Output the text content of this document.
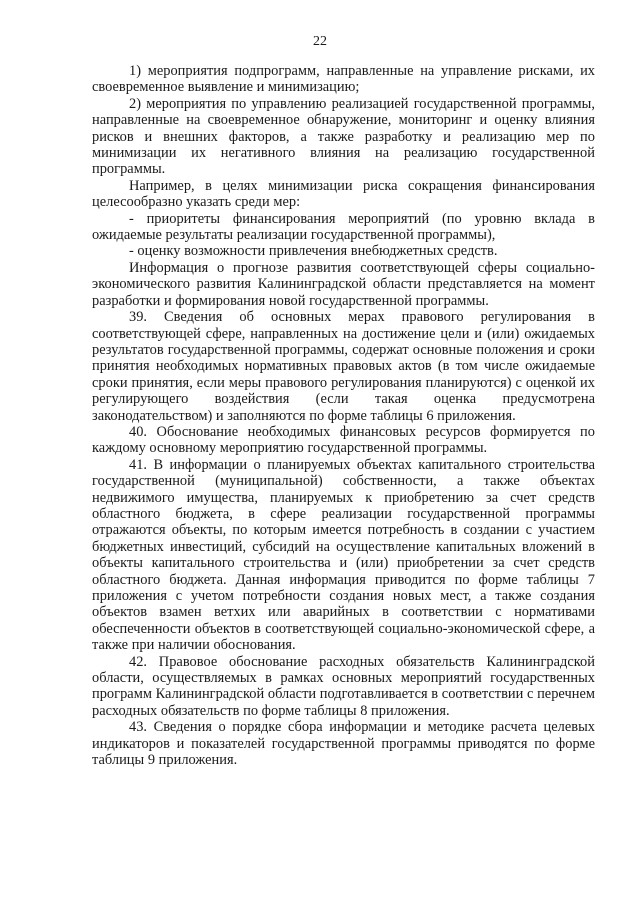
22

1) мероприятия подпрограмм, направленные на управление рисками, их своевременное выявление и минимизацию;

2) мероприятия по управлению реализацией государственной программы, направленные на своевременное обнаружение, мониторинг и оценку влияния рисков и внешних факторов, а также разработку и реализацию мер по минимизации их негативного влияния на реализацию государственной программы.

Например, в целях минимизации риска сокращения финансирования целесообразно указать среди мер:

- приоритеты финансирования мероприятий (по уровню вклада в ожидаемые результаты реализации государственной программы),

- оценку возможности привлечения внебюджетных средств.

Информация о прогнозе развития соответствующей сферы социально-экономического развития Калининградской области представляется на момент разработки и формирования новой государственной программы.

39. Сведения об основных мерах правового регулирования в соответствующей сфере, направленных на достижение цели и (или) ожидаемых результатов государственной программы, содержат основные положения и сроки принятия необходимых нормативных правовых актов (в том числе ожидаемые сроки принятия, если меры правового регулирования планируются) с оценкой их регулирующего воздействия (если такая оценка предусмотрена законодательством) и заполняются по форме таблицы 6 приложения.

40. Обоснование необходимых финансовых ресурсов формируется по каждому основному мероприятию государственной программы.

41. В информации о планируемых объектах капитального строительства государственной (муниципальной) собственности, а также объектах недвижимого имущества, планируемых к приобретению за счет средств областного бюджета, в сфере реализации государственной программы отражаются объекты, по которым имеется потребность в создании с участием бюджетных инвестиций, субсидий на осуществление капитальных вложений в объекты капитального строительства и (или) приобретении за счет средств областного бюджета. Данная информация приводится по форме таблицы 7 приложения с учетом потребности создания новых мест, а также создания объектов взамен ветхих или аварийных в соответствии с нормативами обеспеченности объектов в соответствующей социально-экономической сфере, а также при наличии обоснования.

42. Правовое обоснование расходных обязательств Калининградской области, осуществляемых в рамках основных мероприятий государственных программ Калининградской области подготавливается в соответствии с перечнем расходных обязательств по форме таблицы 8 приложения.

43. Сведения о порядке сбора информации и методике расчета целевых индикаторов и показателей государственной программы приводятся по форме таблицы 9 приложения.
